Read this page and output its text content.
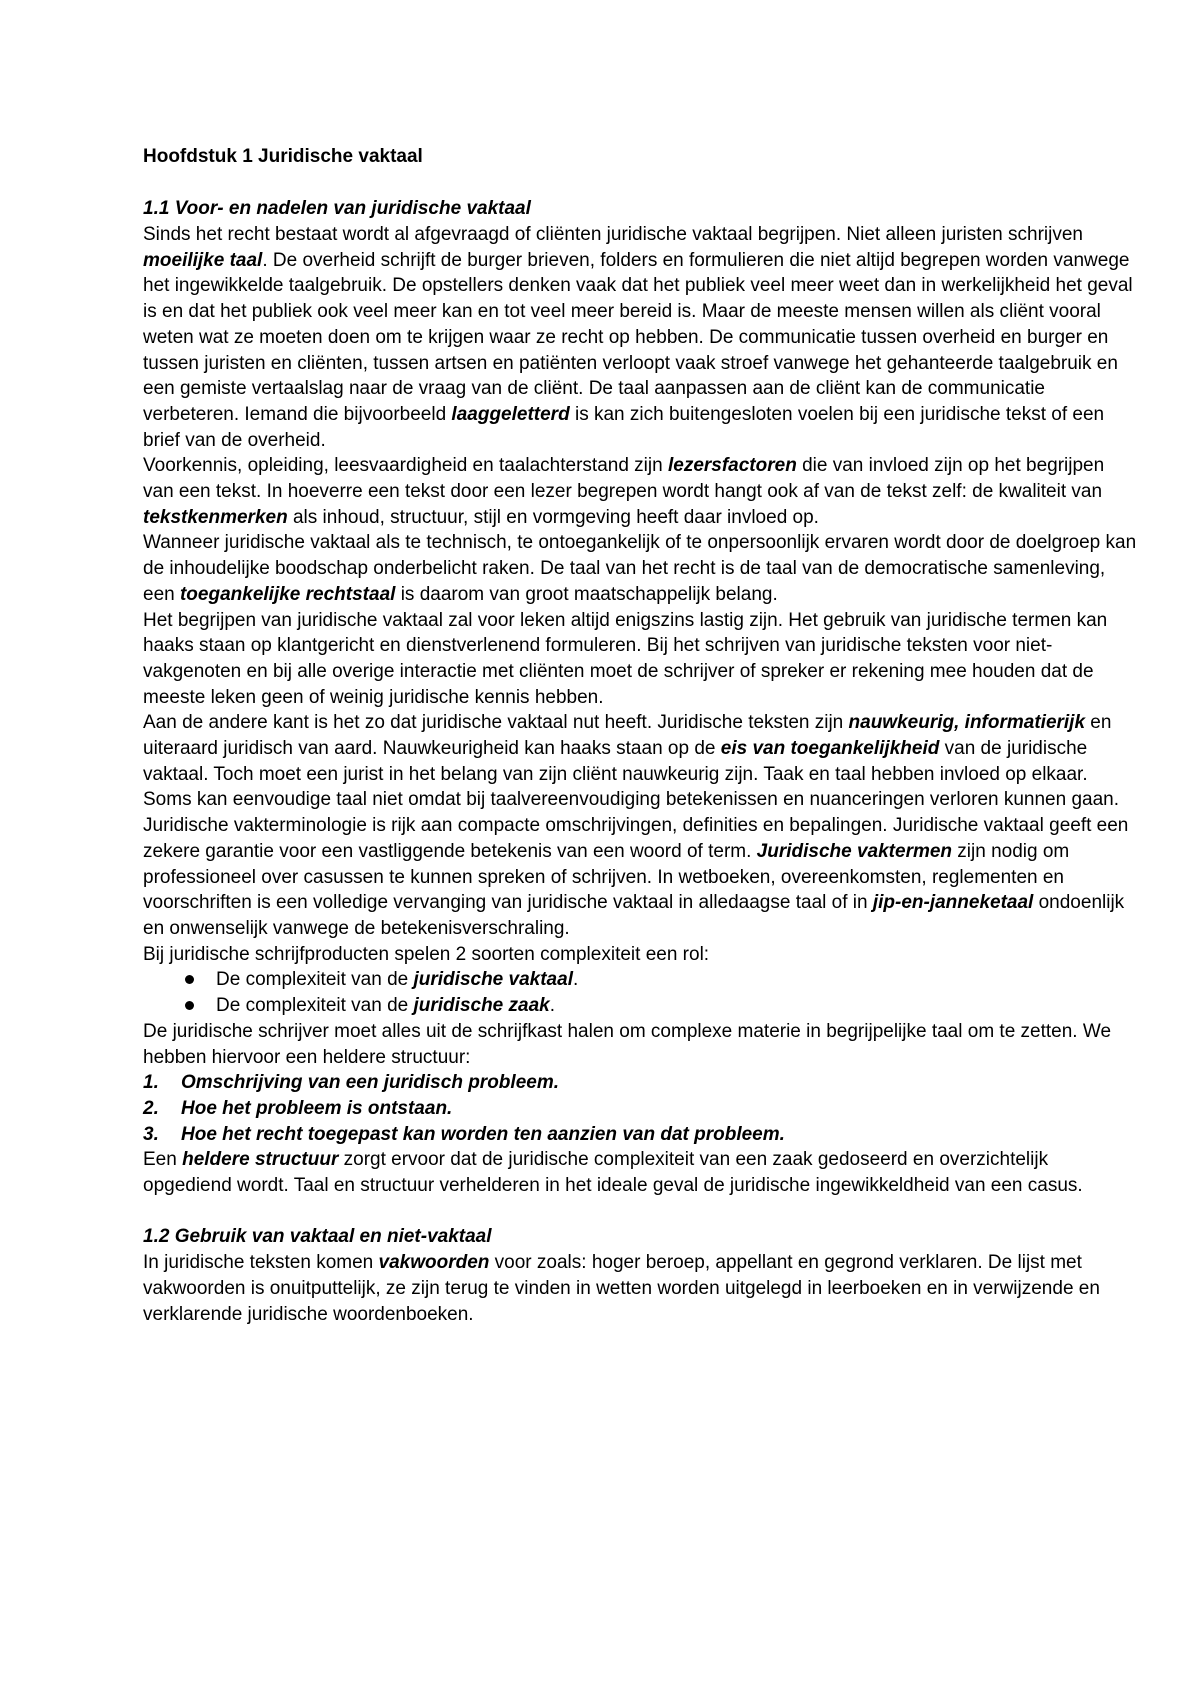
Hoofdstuk 1 Juridische vaktaal
1.1 Voor- en nadelen van juridische vaktaal

Sinds het recht bestaat wordt al afgevraagd of cliënten juridische vaktaal begrijpen. Niet alleen juristen schrijven moeilijke taal. De overheid schrijft de burger brieven, folders en formulieren die niet altijd begrepen worden vanwege het ingewikkelde taalgebruik. De opstellers denken vaak dat het publiek veel meer weet dan in werkelijkheid het geval is en dat het publiek ook veel meer kan en tot veel meer bereid is. Maar de meeste mensen willen als cliënt vooral weten wat ze moeten doen om te krijgen waar ze recht op hebben. De communicatie tussen overheid en burger en tussen juristen en cliënten, tussen artsen en patiënten verloopt vaak stroef vanwege het gehanteerde taalgebruik en een gemiste vertaalslag naar de vraag van de cliënt. De taal aanpassen aan de cliënt kan de communicatie verbeteren. Iemand die bijvoorbeeld laaggeletterd is kan zich buitengesloten voelen bij een juridische tekst of een brief van de overheid.

Voorkennis, opleiding, leesvaardigheid en taalachterstand zijn lezersfactoren die van invloed zijn op het begrijpen van een tekst. In hoeverre een tekst door een lezer begrepen wordt hangt ook af van de tekst zelf: de kwaliteit van tekstkenmerken als inhoud, structuur, stijl en vormgeving heeft daar invloed op.

Wanneer juridische vaktaal als te technisch, te ontoegankelijk of te onpersoonlijk ervaren wordt door de doelgroep kan de inhoudelijke boodschap onderbelicht raken. De taal van het recht is de taal van de democratische samenleving, een toegankelijke rechtstaal is daarom van groot maatschappelijk belang.

Het begrijpen van juridische vaktaal zal voor leken altijd enigszins lastig zijn. Het gebruik van juridische termen kan haaks staan op klantgericht en dienstverlenend formuleren. Bij het schrijven van juridische teksten voor niet-vakgenoten en bij alle overige interactie met cliënten moet de schrijver of spreker er rekening mee houden dat de meeste leken geen of weinig juridische kennis hebben.

Aan de andere kant is het zo dat juridische vaktaal nut heeft. Juridische teksten zijn nauwkeurig, informatierijk en uiteraard juridisch van aard. Nauwkeurigheid kan haaks staan op de eis van toegankelijkheid van de juridische vaktaal. Toch moet een jurist in het belang van zijn cliënt nauwkeurig zijn. Taak en taal hebben invloed op elkaar. Soms kan eenvoudige taal niet omdat bij taalvereenvoudiging betekenissen en nuanceringen verloren kunnen gaan. Juridische vakterminologie is rijk aan compacte omschrijvingen, definities en bepalingen. Juridische vaktaal geeft een zekere garantie voor een vastliggende betekenis van een woord of term. Juridische vaktermen zijn nodig om professioneel over casussen te kunnen spreken of schrijven. In wetboeken, overeenkomsten, reglementen en voorschriften is een volledige vervanging van juridische vaktaal in alledaagse taal of in jip-en-janneketaal ondoenlijk en onwenselijk vanwege de betekenisverschraling.

Bij juridische schrijfproducten spelen 2 soorten complexiteit een rol:

De complexiteit van de juridische vaktaal.
De complexiteit van de juridische zaak.

De juridische schrijver moet alles uit de schrijfkast halen om complexe materie in begrijpelijke taal om te zetten. We hebben hiervoor een heldere structuur:

1. Omschrijving van een juridisch probleem.
2. Hoe het probleem is ontstaan.
3. Hoe het recht toegepast kan worden ten aanzien van dat probleem.

Een heldere structuur zorgt ervoor dat de juridische complexiteit van een zaak gedoseerd en overzichtelijk opgediend wordt. Taal en structuur verhelderen in het ideale geval de juridische ingewikkeldheid van een casus.

1.2 Gebruik van vaktaal en niet-vaktaal

In juridische teksten komen vakwoorden voor zoals: hoger beroep, appellant en gegrond verklaren. De lijst met vakwoorden is onuitputtelijk, ze zijn terug te vinden in wetten worden uitgelegd in leerboeken en in verwijzende en verklarende juridische woordenboeken.
